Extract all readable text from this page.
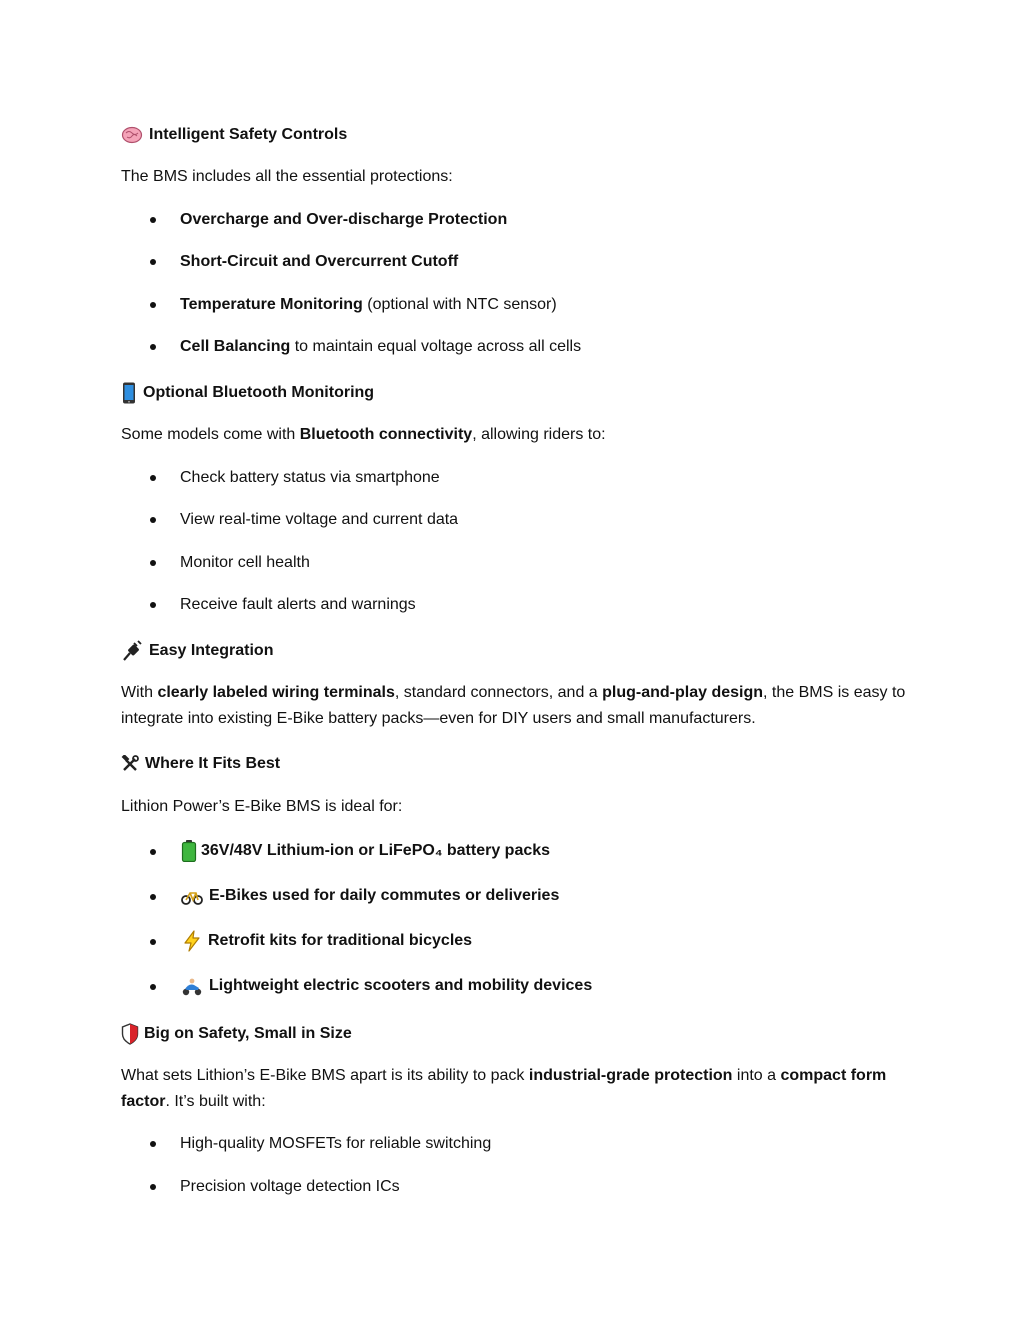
Intelligent Safety Controls
The BMS includes all the essential protections:
Overcharge and Over-discharge Protection
Short-Circuit and Overcurrent Cutoff
Temperature Monitoring (optional with NTC sensor)
Cell Balancing to maintain equal voltage across all cells
Optional Bluetooth Monitoring
Some models come with Bluetooth connectivity, allowing riders to:
Check battery status via smartphone
View real-time voltage and current data
Monitor cell health
Receive fault alerts and warnings
Easy Integration
With clearly labeled wiring terminals, standard connectors, and a plug-and-play design, the BMS is easy to integrate into existing E-Bike battery packs—even for DIY users and small manufacturers.
Where It Fits Best
Lithion Power’s E-Bike BMS is ideal for:
36V/48V Lithium-ion or LiFePO₄ battery packs
E-Bikes used for daily commutes or deliveries
Retrofit kits for traditional bicycles
Lightweight electric scooters and mobility devices
Big on Safety, Small in Size
What sets Lithion’s E-Bike BMS apart is its ability to pack industrial-grade protection into a compact form factor. It’s built with:
High-quality MOSFETs for reliable switching
Precision voltage detection ICs
